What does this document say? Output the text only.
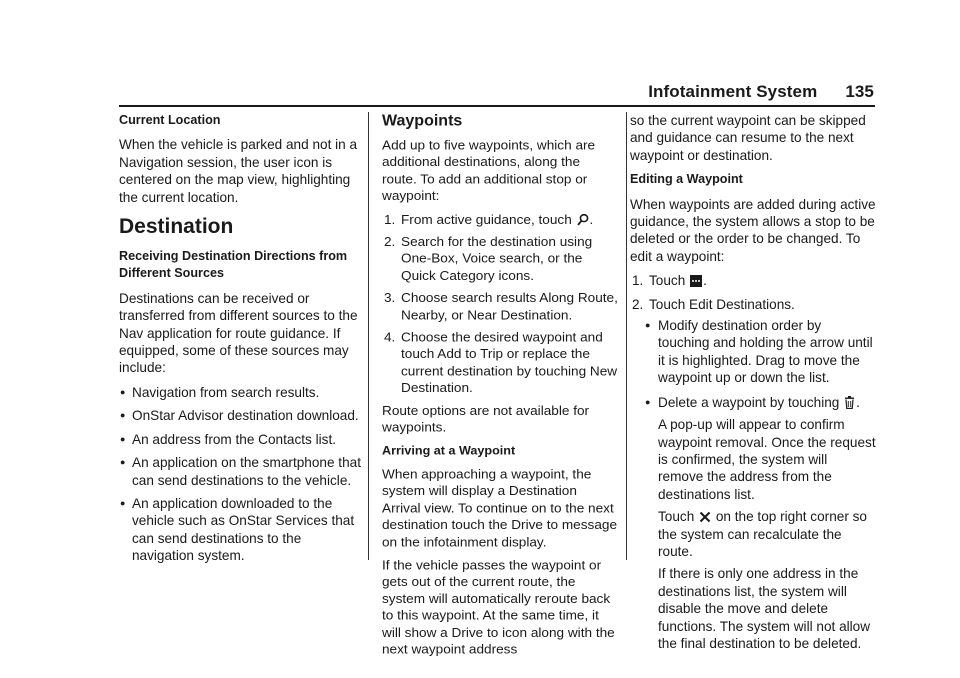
Infotainment System 135

Current Location

When the vehicle is parked and not in a Navigation session, the user icon is centered on the map view, highlighting the current location.

Destination

Receiving Destination Directions from Different Sources

Destinations can be received or transferred from different sources to the Nav application for route guidance. If equipped, some of these sources may include:

● Navigation from search results.
● OnStar Advisor destination download.
● An address from the Contacts list.
● An application on the smartphone that can send destinations to the vehicle.
● An application downloaded to the vehicle such as OnStar Services that can send destinations to the navigation system.

Waypoints

Add up to five waypoints, which are additional destinations, along the route. To add an additional stop or waypoint:

1. From active guidance, touch .
2. Search for the destination using One-Box, Voice search, or the Quick Category icons.
3. Choose search results Along Route, Nearby, or Near Destination.
4. Choose the desired waypoint and touch Add to Trip or replace the current destination by touching New Destination.

Route options are not available for waypoints.

Arriving at a Waypoint

When approaching a waypoint, the system will display a Destination Arrival view. To continue on to the next destination touch the Drive to message on the infotainment display.

If the vehicle passes the waypoint or gets out of the current route, the system will automatically reroute back to this waypoint. At the same time, it will show a Drive to icon along with the next waypoint address

so the current waypoint can be skipped and guidance can resume to the next waypoint or destination.

Editing a Waypoint

When waypoints are added during active guidance, the system allows a stop to be deleted or the order to be changed. To edit a waypoint:

1. Touch .
2. Touch Edit Destinations.
● Modify destination order by touching and holding the arrow until it is highlighted. Drag to move the waypoint up or down the list.
● Delete a waypoint by touching .

A pop-up will appear to confirm waypoint removal. Once the request is confirmed, the system will remove the address from the destinations list.

Touch on the top right corner so the system can recalculate the route.

If there is only one address in the destinations list, the system will disable the move and delete functions. The system will not allow the final destination to be deleted.
